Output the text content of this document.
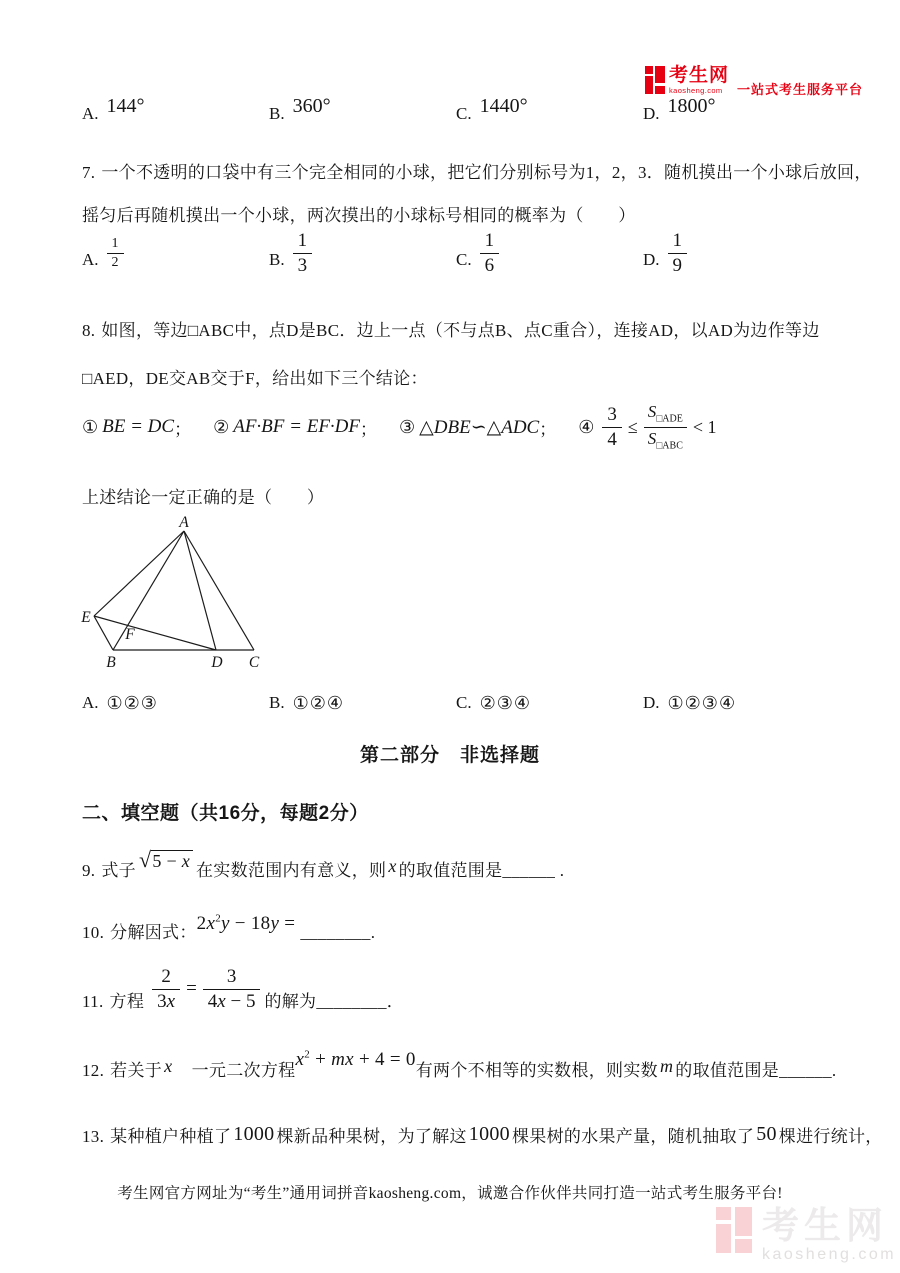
考生网
kaosheng.com	一站式考生服务平台
A. 144°	B. 360°	C. 1440°	D. 1800°
7. 一个不透明的口袋中有三个完全相同的小球，把它们分别标号为1，2，3．随机摸出一个小球后放回，
摇匀后再随机摸出一个小球，两次摸出的小球标号相同的概率为（　　）
A. $\frac{1}{2}$	B. $\frac{1}{3}$	C. $\frac{1}{6}$	D. $\frac{1}{9}$
8. 如图，等边□ABC中，点D是BC．边上一点（不与点B、点C重合），连接AD，以AD为边作等边
□AED，DE交AB交于F，给出如下三个结论：
① BE = DC ； ② AF·BF = EF·DF ； ③ △DBE∽△ADC ； ④ $\frac{3}{4}$ ≤
$S_{□ADE}$
$S_{□ABC}$
< 1
上述结论一定正确的是（　　）
A
E
B	D C
F
A. ①②③	B. ①②④	C. ②③④	D. ①②③④
第二部分　非选择题
二、填空题（共16分，每题2分）
9. 式子 √5 − x 在实数范围内有意义，则 x 的取值范围是______ .
10. 分解因式：$2x^2y - 18y$ = ________.
11. 方程 $\frac{2}{3x} = \frac{3}{4x - 5}$ 的解为________．
12. 若关于 x　一元二次方程$x^2$ + mx + 4 = 0有两个不相等的实数根，则实数 m 的取值范围是______.
13. 某种植户种植了 1000 棵新品种果树，为了解这 1000 棵果树的水果产量，随机抽取了 50 棵进行统计，
考生网官方网址为“考生”通用词拼音kaosheng.com，诚邀合作伙伴共同打造一站式考生服务平台!
考生网
kaosheng.com
